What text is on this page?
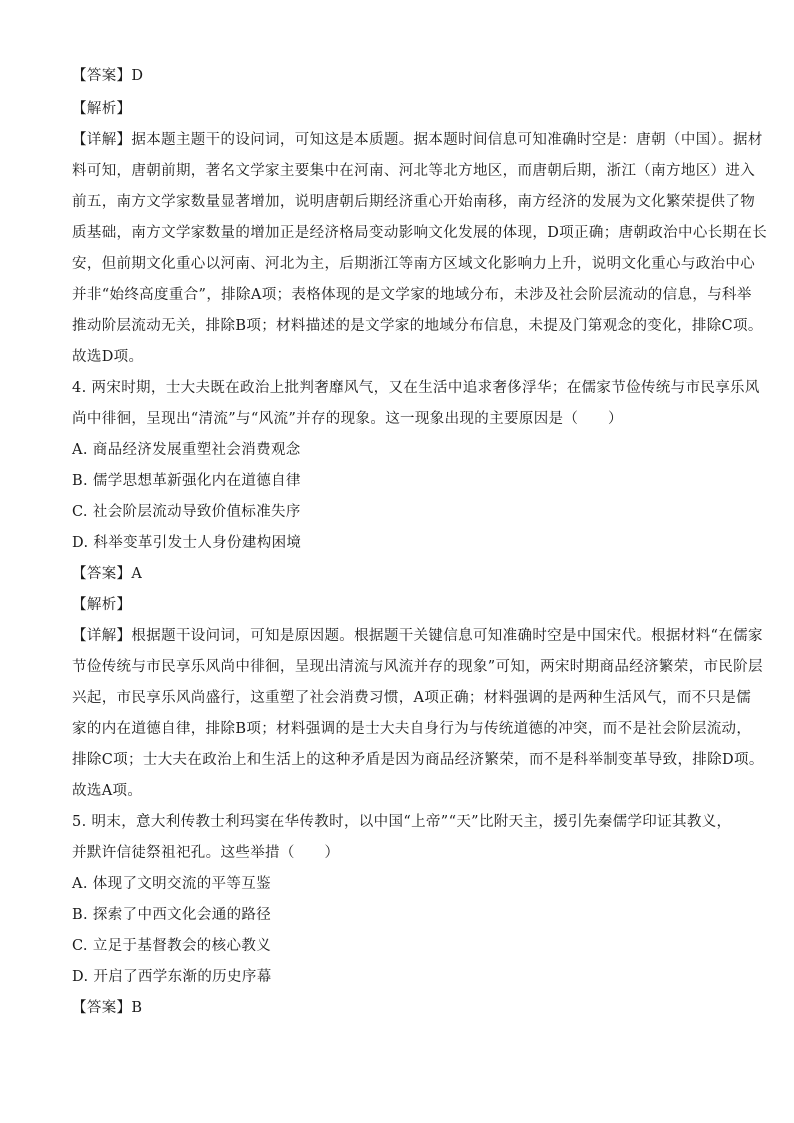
【答案】D
【解析】
【详解】据本题主题干的设问词，可知这是本质题。据本题时间信息可知准确时空是：唐朝（中国）。据材
料可知，唐朝前期，著名文学家主要集中在河南、河北等北方地区，而唐朝后期，浙江（南方地区）进入
前五，南方文学家数量显著增加，说明唐朝后期经济重心开始南移，南方经济的发展为文化繁荣提供了物
质基础，南方文学家数量的增加正是经济格局变动影响文化发展的体现，D项正确；唐朝政治中心长期在长
安，但前期文化重心以河南、河北为主，后期浙江等南方区域文化影响力上升，说明文化重心与政治中心
并非“始终高度重合”，排除A项；表格体现的是文学家的地域分布，未涉及社会阶层流动的信息，与科举
推动阶层流动无关，排除B项；材料描述的是文学家的地域分布信息，未提及门第观念的变化，排除C项。
故选D项。
4. 两宋时期，士大夫既在政治上批判奢靡风气，又在生活中追求奢侈浮华；在儒家节俭传统与市民享乐风
尚中徘徊，呈现出“清流”与“风流”并存的现象。这一现象出现的主要原因是（　　）
A. 商品经济发展重塑社会消费观念
B. 儒学思想革新强化内在道德自律
C. 社会阶层流动导致价值标准失序
D. 科举变革引发士人身份建构困境
【答案】A
【解析】
【详解】根据题干设问词，可知是原因题。根据题干关键信息可知准确时空是中国宋代。根据材料“在儒家
节俭传统与市民享乐风尚中徘徊，呈现出清流与风流并存的现象”可知，两宋时期商品经济繁荣，市民阶层
兴起，市民享乐风尚盛行，这重塑了社会消费习惯，A项正确；材料强调的是两种生活风气，而不只是儒
家的内在道德自律，排除B项；材料强调的是士大夫自身行为与传统道德的冲突，而不是社会阶层流动，
排除C项；士大夫在政治上和生活上的这种矛盾是因为商品经济繁荣，而不是科举制变革导致，排除D项。
故选A项。
5. 明末，意大利传教士利玛窦在华传教时，以中国“上帝”“天”比附天主，援引先秦儒学印证其教义，
并默许信徒祭祖祀孔。这些举措（　　）
A. 体现了文明交流的平等互鉴
B. 探索了中西文化会通的路径
C. 立足于基督教会的核心教义
D. 开启了西学东渐的历史序幕
【答案】B
